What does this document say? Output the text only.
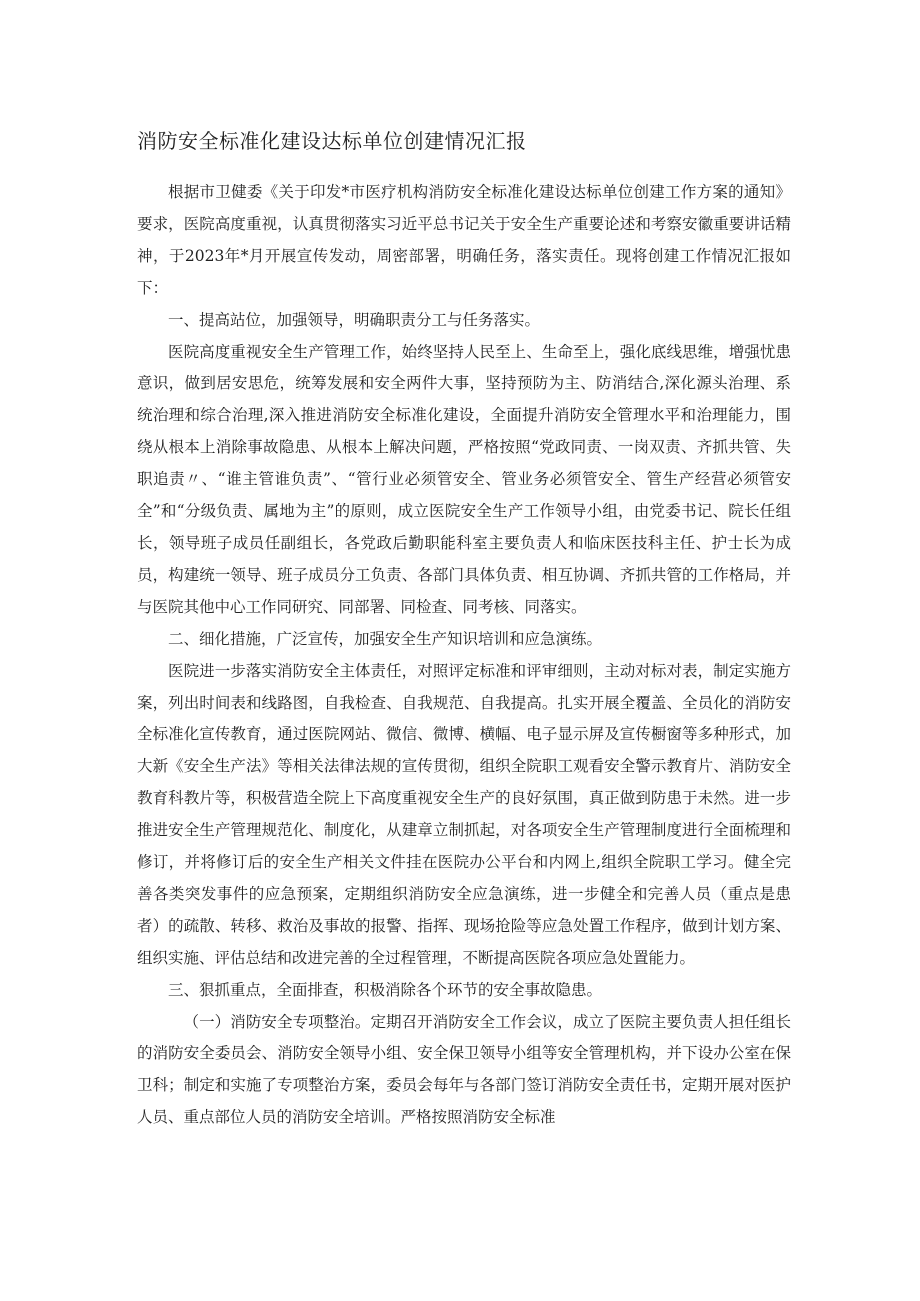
消防安全标准化建设达标单位创建情况汇报

根据市卫健委《关于印发*市医疗机构消防安全标准化建设达标单位创建工作方案的通知》要求，医院高度重视，认真贯彻落实习近平总书记关于安全生产重要论述和考察安徽重要讲话精神，于2023年*月开展宣传发动，周密部署，明确任务，落实责任。现将创建工作情况汇报如下：

一、提高站位，加强领导，明确职责分工与任务落实。

医院高度重视安全生产管理工作，始终坚持人民至上、生命至上，强化底线思维，增强忧患意识，做到居安思危，统筹发展和安全两件大事，坚持预防为主、防消结合,深化源头治理、系统治理和综合治理,深入推进消防安全标准化建设，全面提升消防安全管理水平和治理能力，围绕从根本上消除事故隐患、从根本上解决问题，严格按照“党政同责、一岗双责、齐抓共管、失职追责〃、“谁主管谁负责”、“管行业必须管安全、管业务必须管安全、管生产经营必须管安全”和“分级负责、属地为主”的原则，成立医院安全生产工作领导小组，由党委书记、院长任组长，领导班子成员任副组长，各党政后勤职能科室主要负责人和临床医技科主任、护士长为成员，构建统一领导、班子成员分工负责、各部门具体负责、相互协调、齐抓共管的工作格局，并与医院其他中心工作同研究、同部署、同检查、同考核、同落实。

二、细化措施，广泛宣传，加强安全生产知识培训和应急演练。

医院进一步落实消防安全主体责任，对照评定标准和评审细则，主动对标对表，制定实施方案，列出时间表和线路图，自我检查、自我规范、自我提高。扎实开展全覆盖、全员化的消防安全标准化宣传教育，通过医院网站、微信、微博、横幅、电子显示屏及宣传橱窗等多种形式，加大新《安全生产法》等相关法律法规的宣传贯彻，组织全院职工观看安全警示教育片、消防安全教育科教片等，积极营造全院上下高度重视安全生产的良好氛围，真正做到防患于未然。进一步推进安全生产管理规范化、制度化，从建章立制抓起，对各项安全生产管理制度进行全面梳理和修订，并将修订后的安全生产相关文件挂在医院办公平台和内网上,组织全院职工学习。健全完善各类突发事件的应急预案，定期组织消防安全应急演练，进一步健全和完善人员（重点是患者）的疏散、转移、救治及事故的报警、指挥、现场抢险等应急处置工作程序，做到计划方案、组织实施、评估总结和改进完善的全过程管理，不断提高医院各项应急处置能力。

三、狠抓重点，全面排查，积极消除各个环节的安全事故隐患。

（一）消防安全专项整治。定期召开消防安全工作会议，成立了医院主要负责人担任组长的消防安全委员会、消防安全领导小组、安全保卫领导小组等安全管理机构，并下设办公室在保卫科；制定和实施了专项整治方案，委员会每年与各部门签订消防安全责任书，定期开展对医护人员、重点部位人员的消防安全培训。严格按照消防安全标准
